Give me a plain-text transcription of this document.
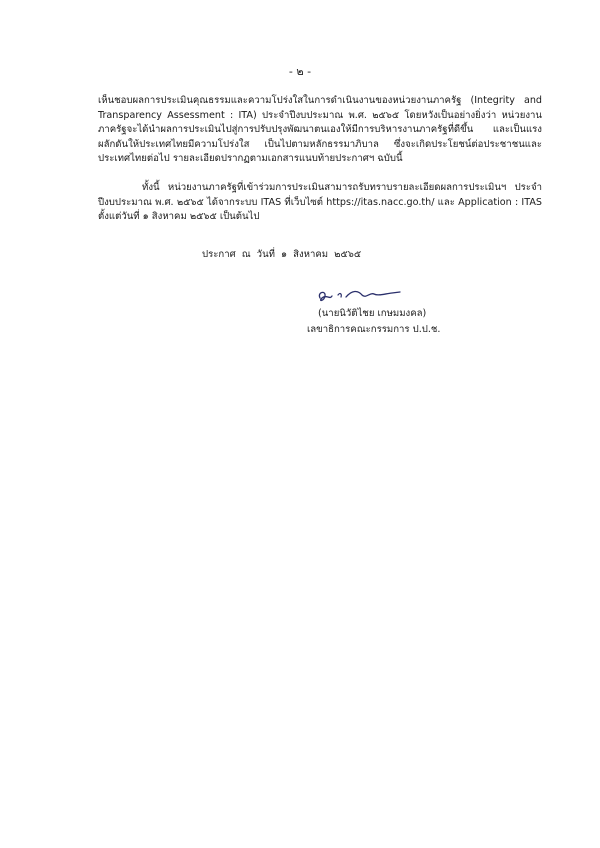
- ๒ -

เห็นชอบผลการประเมินคุณธรรมและความโปร่งใสในการดำเนินงานของหน่วยงานภาครัฐ (Integrity and Transparency Assessment : ITA) ประจำปีงบประมาณ พ.ศ. ๒๕๖๕ โดยหวังเป็นอย่างยิ่งว่า หน่วยงานภาครัฐจะได้นำผลการประเมินไปสู่การปรับปรุงพัฒนาตนเองให้มีการบริหารงานภาครัฐที่ดีขึ้น และเป็นแรงผลักดันให้ประเทศไทยมีความโปร่งใส เป็นไปตามหลักธรรมาภิบาล ซึ่งจะเกิดประโยชน์ต่อประชาชนและประเทศไทยต่อไป รายละเอียดปรากฏตามเอกสารแนบท้ายประกาศฯ ฉบับนี้

ทั้งนี้ หน่วยงานภาครัฐที่เข้าร่วมการประเมินสามารถรับทราบรายละเอียดผลการประเมินฯ ประจำปีงบประมาณ พ.ศ. ๒๕๖๕ ได้จากระบบ ITAS ที่เว็บไซต์ https://itas.nacc.go.th/ และ Application : ITAS ตั้งแต่วันที่ ๑ สิงหาคม ๒๕๖๕ เป็นต้นไป

ประกาศ ณ วันที่ ๑ สิงหาคม ๒๕๖๕
(นายนิวัติไชย เกษมมงคล)
เลขาธิการคณะกรรมการ ป.ป.ช.
